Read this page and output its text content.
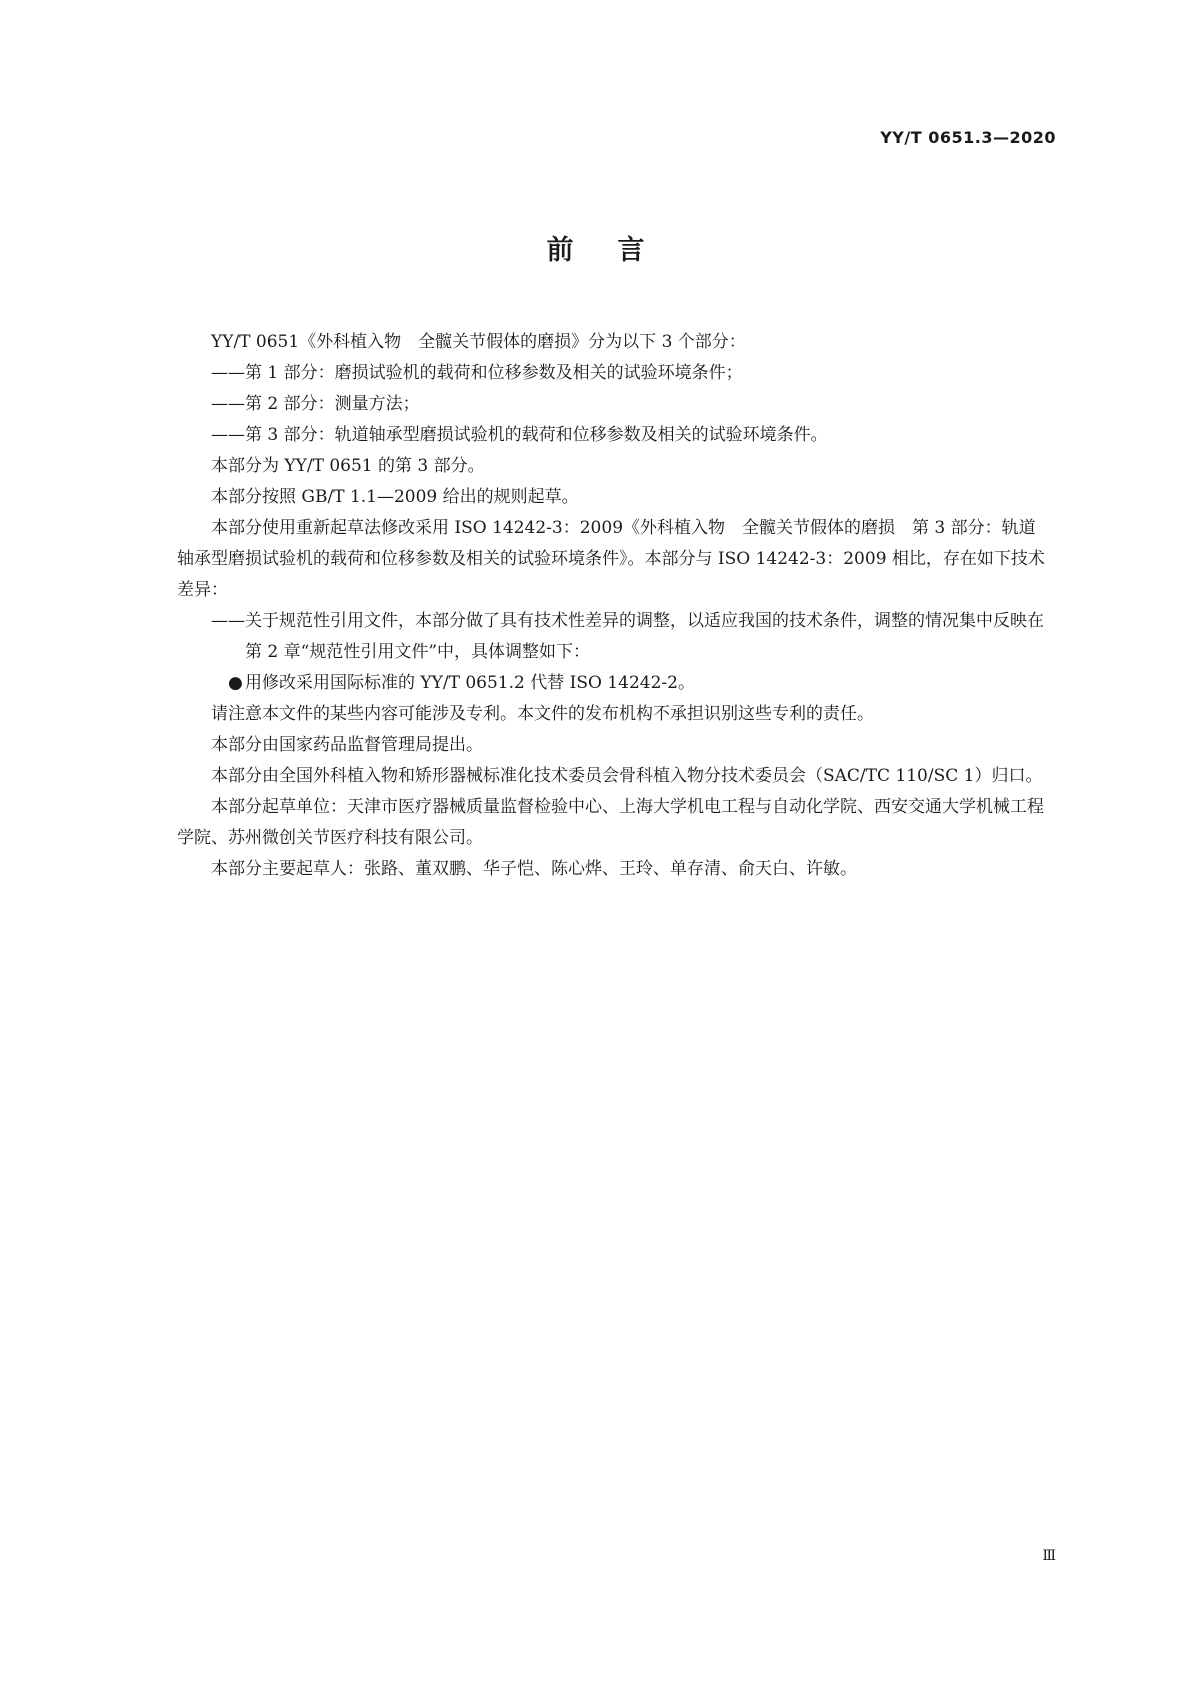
YY/T 0651.3—2020
前言

YY/T 0651《外科植入物　全髋关节假体的磨损》分为以下 3 个部分：

——第 1 部分：磨损试验机的载荷和位移参数及相关的试验环境条件；

——第 2 部分：测量方法；

——第 3 部分：轨道轴承型磨损试验机的载荷和位移参数及相关的试验环境条件。

本部分为 YY/T 0651 的第 3 部分。

本部分按照 GB/T 1.1—2009 给出的规则起草。

本部分使用重新起草法修改采用 ISO 14242-3：2009《外科植入物　全髋关节假体的磨损　第 3 部分：轨道轴承型磨损试验机的载荷和位移参数及相关的试验环境条件》。本部分与 ISO 14242-3：2009 相比，存在如下技术差异：

——关于规范性引用文件，本部分做了具有技术性差异的调整，以适应我国的技术条件，调整的情况集中反映在第 2 章“规范性引用文件”中，具体调整如下：

● 用修改采用国际标准的 YY/T 0651.2 代替 ISO 14242-2。

请注意本文件的某些内容可能涉及专利。本文件的发布机构不承担识别这些专利的责任。

本部分由国家药品监督管理局提出。

本部分由全国外科植入物和矫形器械标准化技术委员会骨科植入物分技术委员会（SAC/TC 110/SC 1）归口。

本部分起草单位：天津市医疗器械质量监督检验中心、上海大学机电工程与自动化学院、西安交通大学机械工程学院、苏州微创关节医疗科技有限公司。

本部分主要起草人：张路、董双鹏、华子恺、陈心烨、王玲、单存清、俞天白、许敏。

Ⅲ
